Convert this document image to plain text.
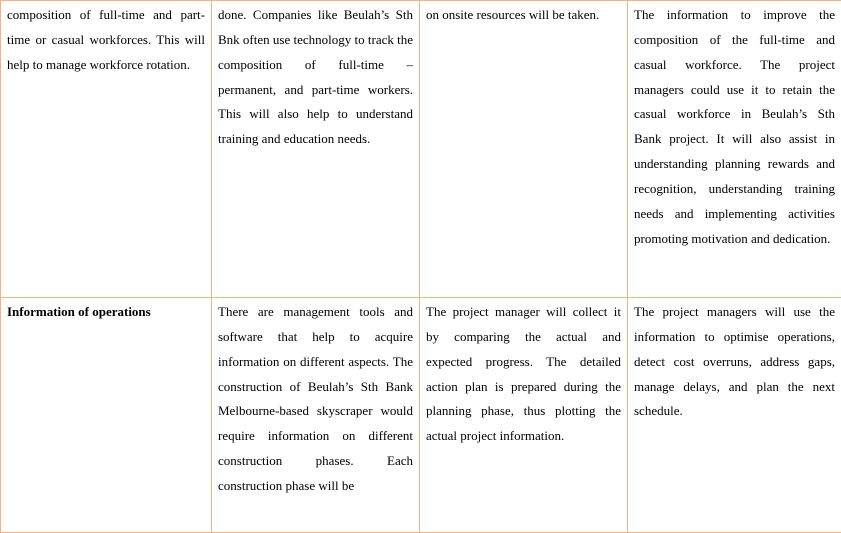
composition of full-time and part-time or casual workforces. This will help to manage workforce rotation.	done. Companies like Beulah’s Sth Bnk often use technology to track the composition of full-time – permanent, and part-time workers. This will also help to understand training and education needs.	on onsite resources will be taken.	The information to improve the composition of the full-time and casual workforce. The project managers could use it to retain the casual workforce in Beulah’s Sth Bank project. It will also assist in understanding planning rewards and recognition, understanding training needs and implementing activities promoting motivation and dedication.

Information of operations	There are management tools and software that help to acquire information on different aspects. The construction of Beulah’s Sth Bank Melbourne-based skyscraper would require information on different construction phases. Each construction phase will be	The project manager will collect it by comparing the actual and expected progress. The detailed action plan is prepared during the planning phase, thus plotting the actual project information.	The project managers will use the information to optimise operations, detect cost overruns, address gaps, manage delays, and plan the next schedule.
